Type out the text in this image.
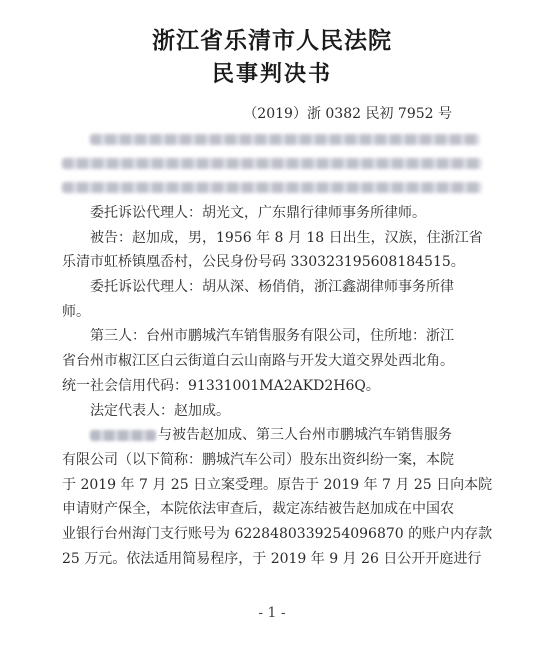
浙江省乐清市人民法院
民事判决书
（2019）浙 0382 民初 7952 号
委托诉讼代理人：胡光文，广东鼎行律师事务所律师。
被告：赵加成，男，1956 年 8 月 18 日出生，汉族，住浙江省
乐清市虹桥镇凰岙村，公民身份号码 330323195608184515。
委托诉讼代理人：胡从深、杨俏俏，浙江鑫湖律师事务所律
师。
第三人：台州市鹏城汽车销售服务有限公司，住所地：浙江
省台州市椒江区白云街道白云山南路与开发大道交界处西北角。
统一社会信用代码：91331001MA2AKD2H6Q。
法定代表人：赵加成。
与被告赵加成、第三人台州市鹏城汽车销售服务
有限公司（以下简称：鹏城汽车公司）股东出资纠纷一案，本院
于 2019 年 7 月 25 日立案受理。原告于 2019 年 7 月 25 日向本院
申请财产保全，本院依法审查后，裁定冻结被告赵加成在中国农
业银行台州海门支行账号为 6228480339254096870 的账户内存款
25 万元。依法适用简易程序，于 2019 年 9 月 26 日公开开庭进行
- 1 -
